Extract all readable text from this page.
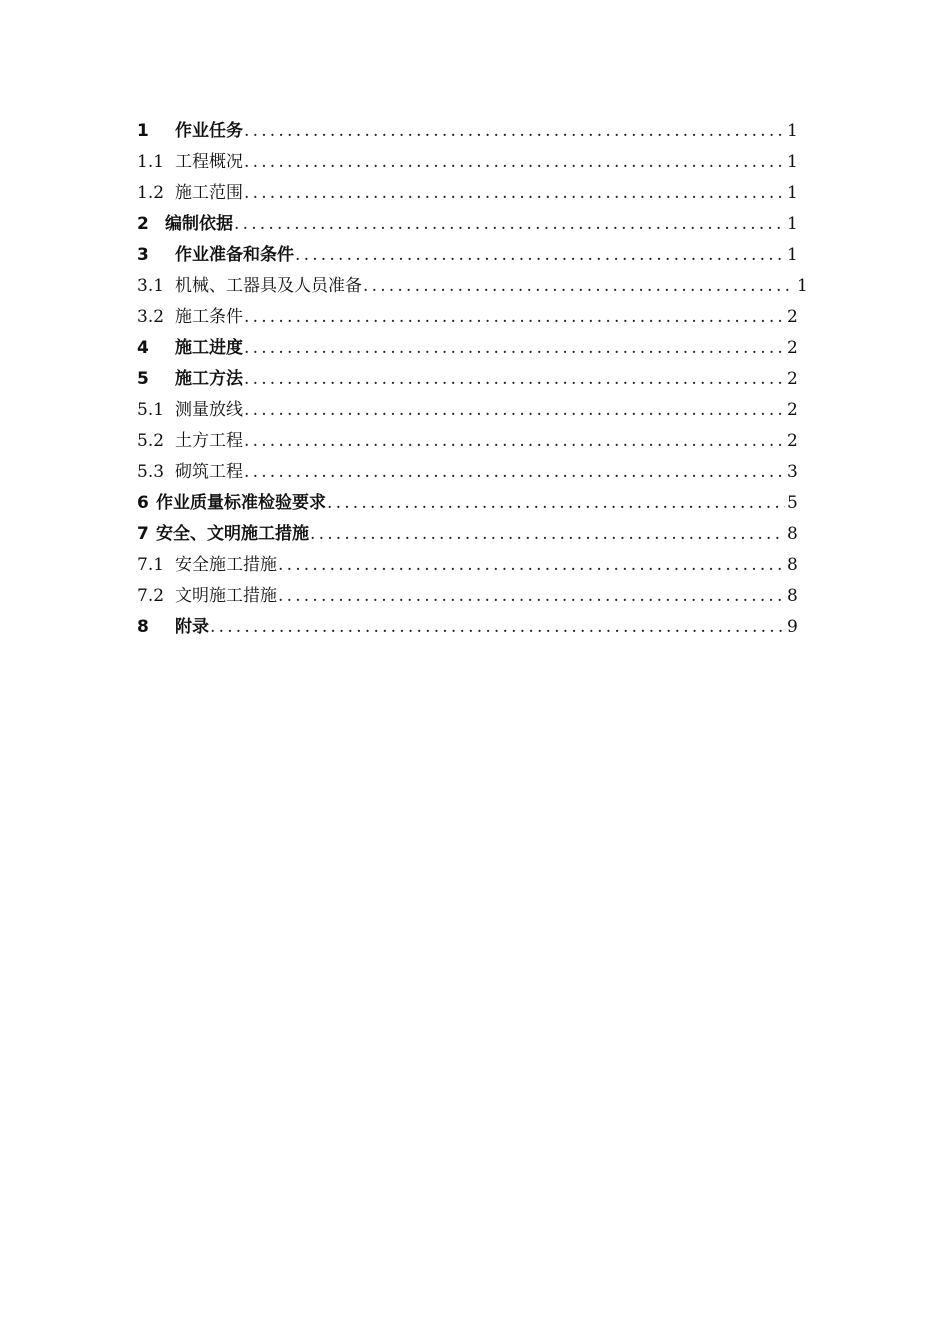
1	作业任务 .....	1
1.1 工程概况 .....	1
1.2 施工范围 .....	1
2 编制依据 .....	1
3	作业准备和条件 .....	1
3.1 机械、工器具及人员准备 .....	1
3.2 施工条件 .....	2
4	施工进度 .....	2
5	施工方法 .....	2
5.1 测量放线 .....	2
5.2 土方工程 .....	2
5.3 砌筑工程 .....	3
6 作业质量标准检验要求 .....	5
7 安全、文明施工措施 .....	8
7.1 安全施工措施 .....	8
7.2 文明施工措施 .....	8
8	附录 .....	9
